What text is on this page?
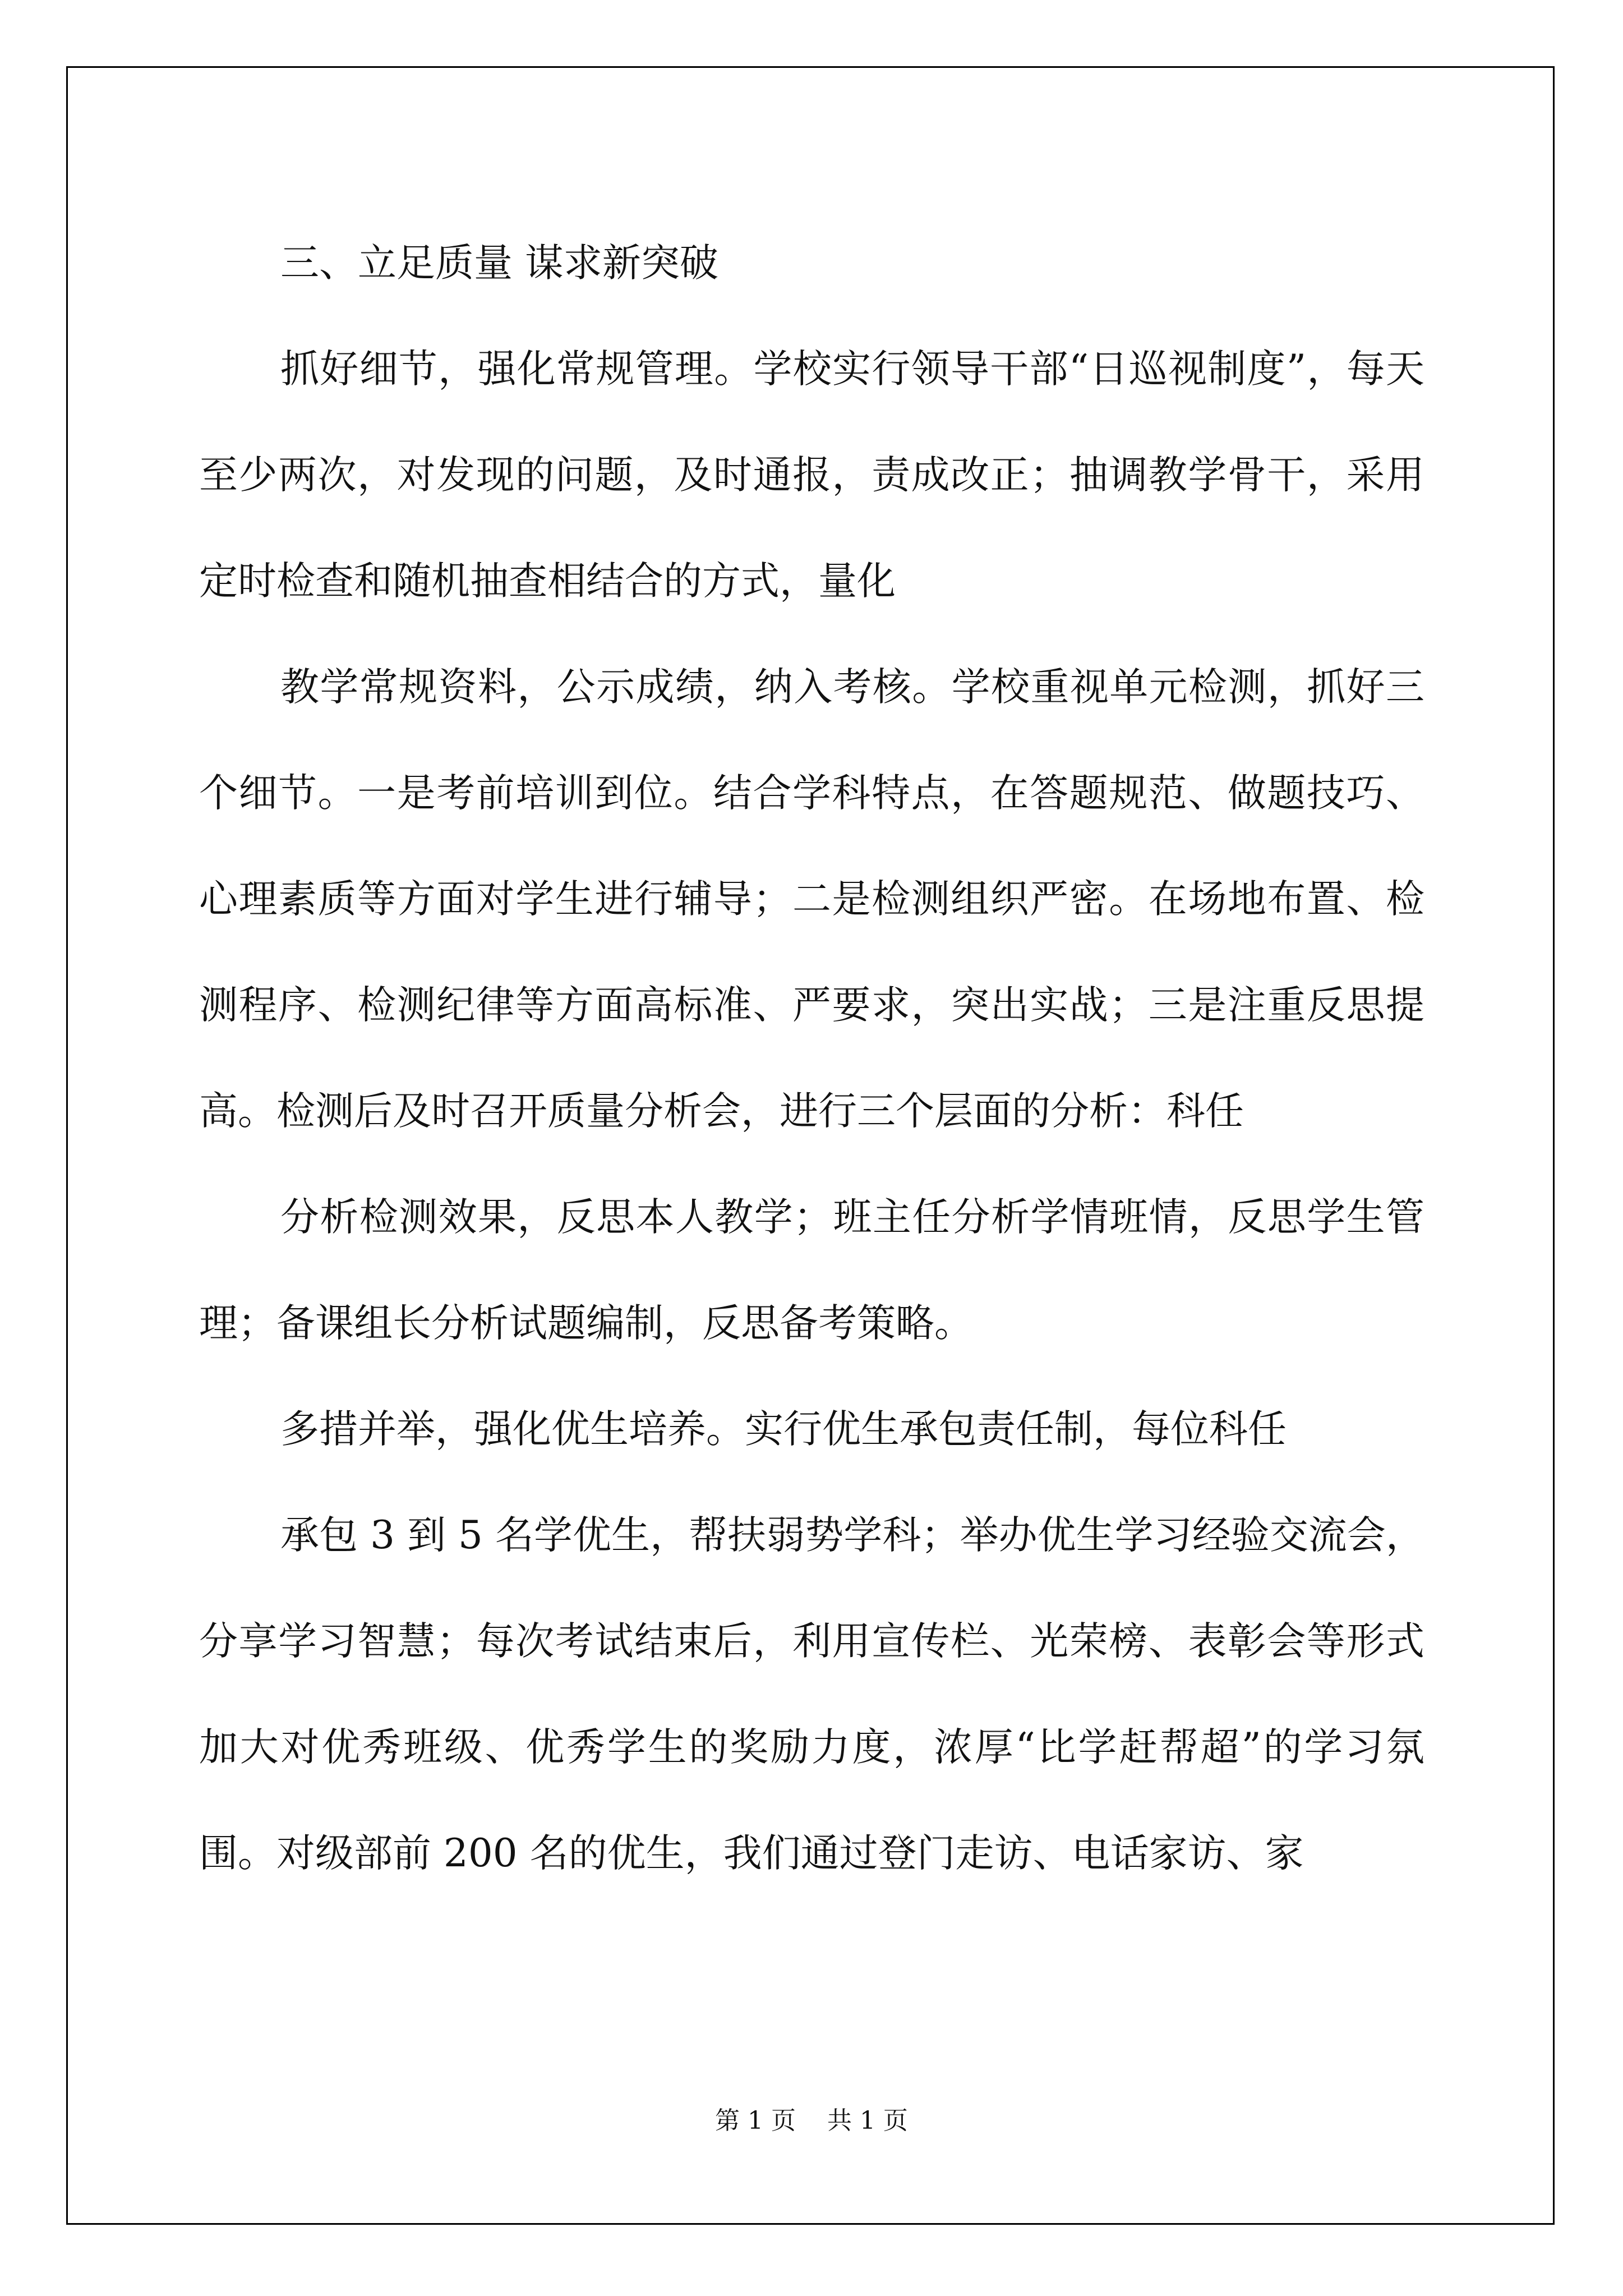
三、立足质量 谋求新突破

抓好细节，强化常规管理。学校实行领导干部“日巡视制度”，每天至少两次，对发现的问题，及时通报，责成改正；抽调教学骨干，采用定时检查和随机抽查相结合的方式，量化

教学常规资料，公示成绩，纳入考核。学校重视单元检测，抓好三个细节。一是考前培训到位。结合学科特点，在答题规范、做题技巧、心理素质等方面对学生进行辅导；二是检测组织严密。在场地布置、检测程序、检测纪律等方面高标准、严要求，突出实战；三是注重反思提高。检测后及时召开质量分析会，进行三个层面的分析：科任

分析检测效果，反思本人教学；班主任分析学情班情，反思学生管理；备课组长分析试题编制，反思备考策略。

多措并举，强化优生培养。实行优生承包责任制，每位科任

承包 3 到 5 名学优生，帮扶弱势学科；举办优生学习经验交流会，分享学习智慧；每次考试结束后，利用宣传栏、光荣榜、表彰会等形式加大对优秀班级、优秀学生的奖励力度，浓厚“比学赶帮超”的学习氛围。对级部前 200 名的优生，我们通过登门走访、电话家访、家

第 1 页 共 1 页
